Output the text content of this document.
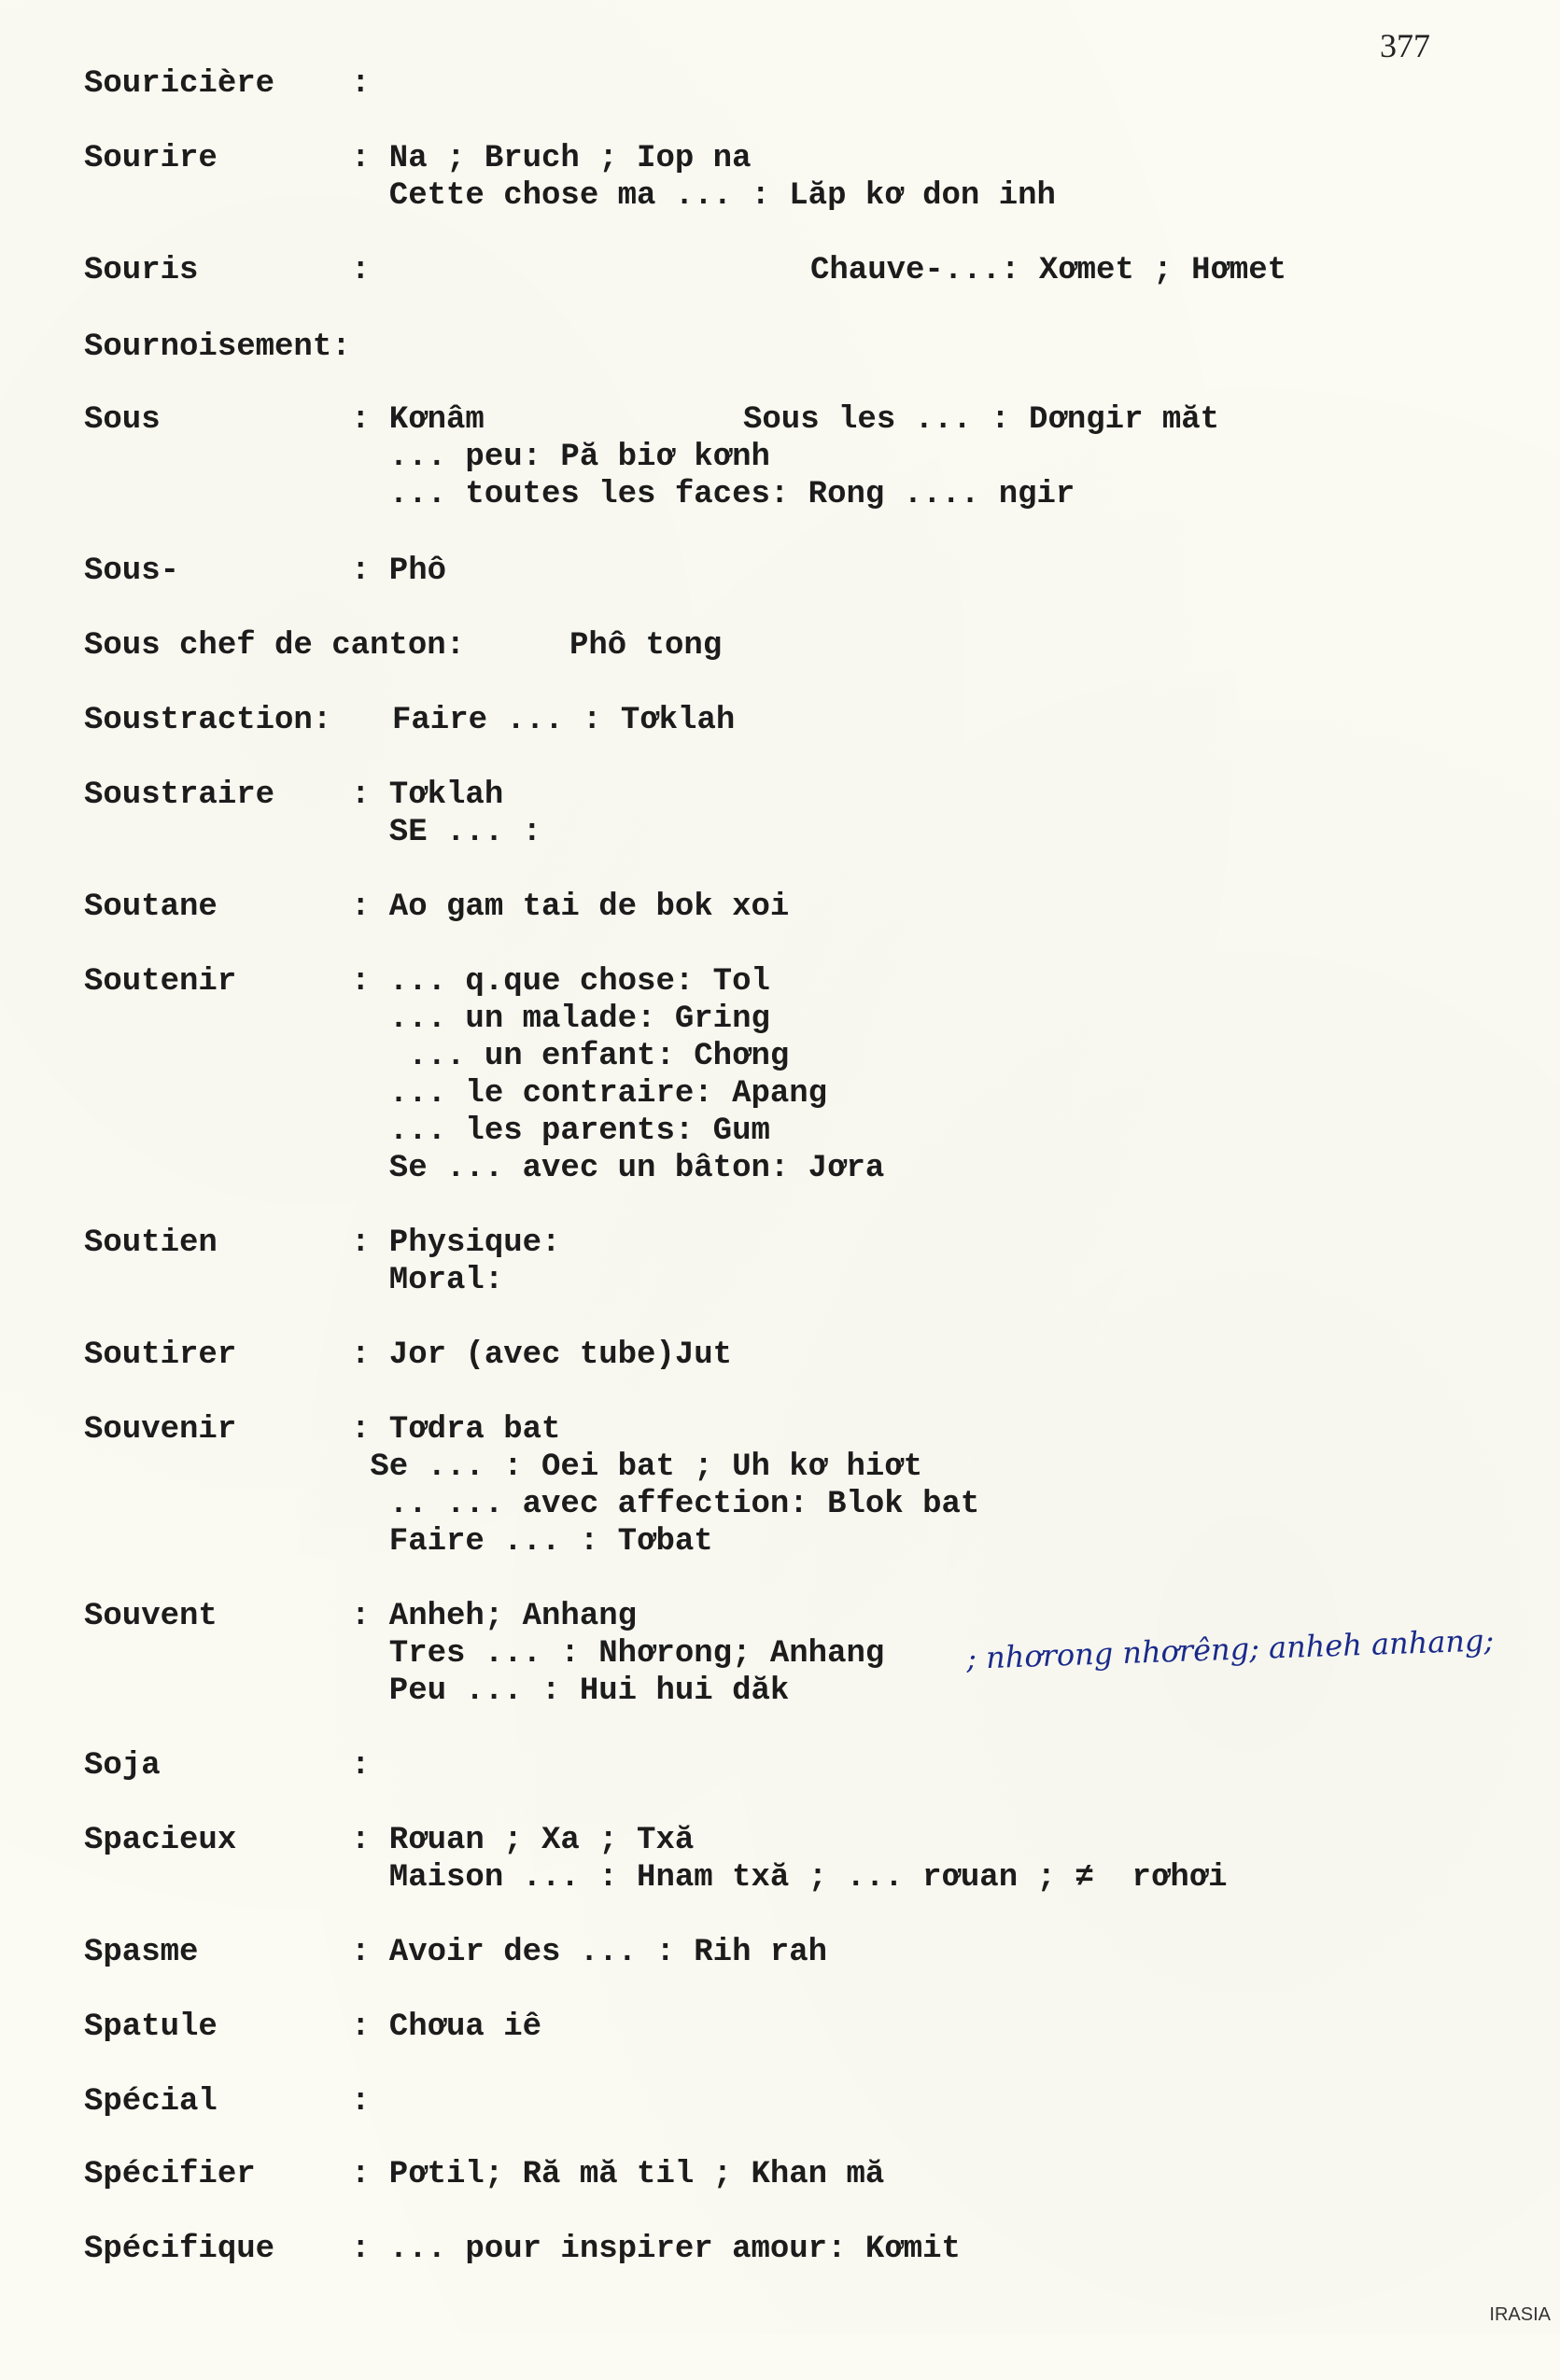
377

Souricière

:

Sourire

	: Na ; Bruch ; Iop na

Cette chose ma ... : Lăp kơ don inh

Souris

	:

	Chauve-...: Xơmet ; Hơmet

Sournoisement:

Sous

	: Kơnâm

	Sous les ... : Dơngir măt

... peu: Pă biơ kơnh

... toutes les faces: Rong .... ngir

Sous-

	: Phô

Sous chef de canton:

	Phô tong

Soustraction:

Faire ... : Tơklah

Soustraire

: Tơklah

SE ... :

Soutane

	: Ao gam tai de bok xoi

Soutenir

	: ... q.que chose: Tol

... un malade: Gring

... un enfant: Chơng

... le contraire: Apang

... les parents: Gum

Se ... avec un bâton: Jơra

Soutien

	: Physique:

Moral:

Soutirer

	: Jor (avec tube)Jut

Souvenir

	: Tơdra bat

Se ... : Oei bat ; Uh kơ hiơt

.. ... avec affection: Blok bat

Faire ... : Tơbat

Souvent

	: Anheh; Anhang

Tres ... : Nhơrong; Anhang

Peu ... : Hui hui dăk

; nhơrong nhơrêng; anheh anhang;

Soja

	:

Spacieux

	: Rơuan ; Xa ; Txă

Maison ... : Hnam txă ; ... rơuan ; ≠  rơhơi

Spasme

	: Avoir des ... : Rih rah

Spatule

	: Chơua iê

Spécial

	:

Spécifier

	: Pơtil; Ră mă til ; Khan mă

Spécifique

: ... pour inspirer amour: Kơmit

IRASIA
